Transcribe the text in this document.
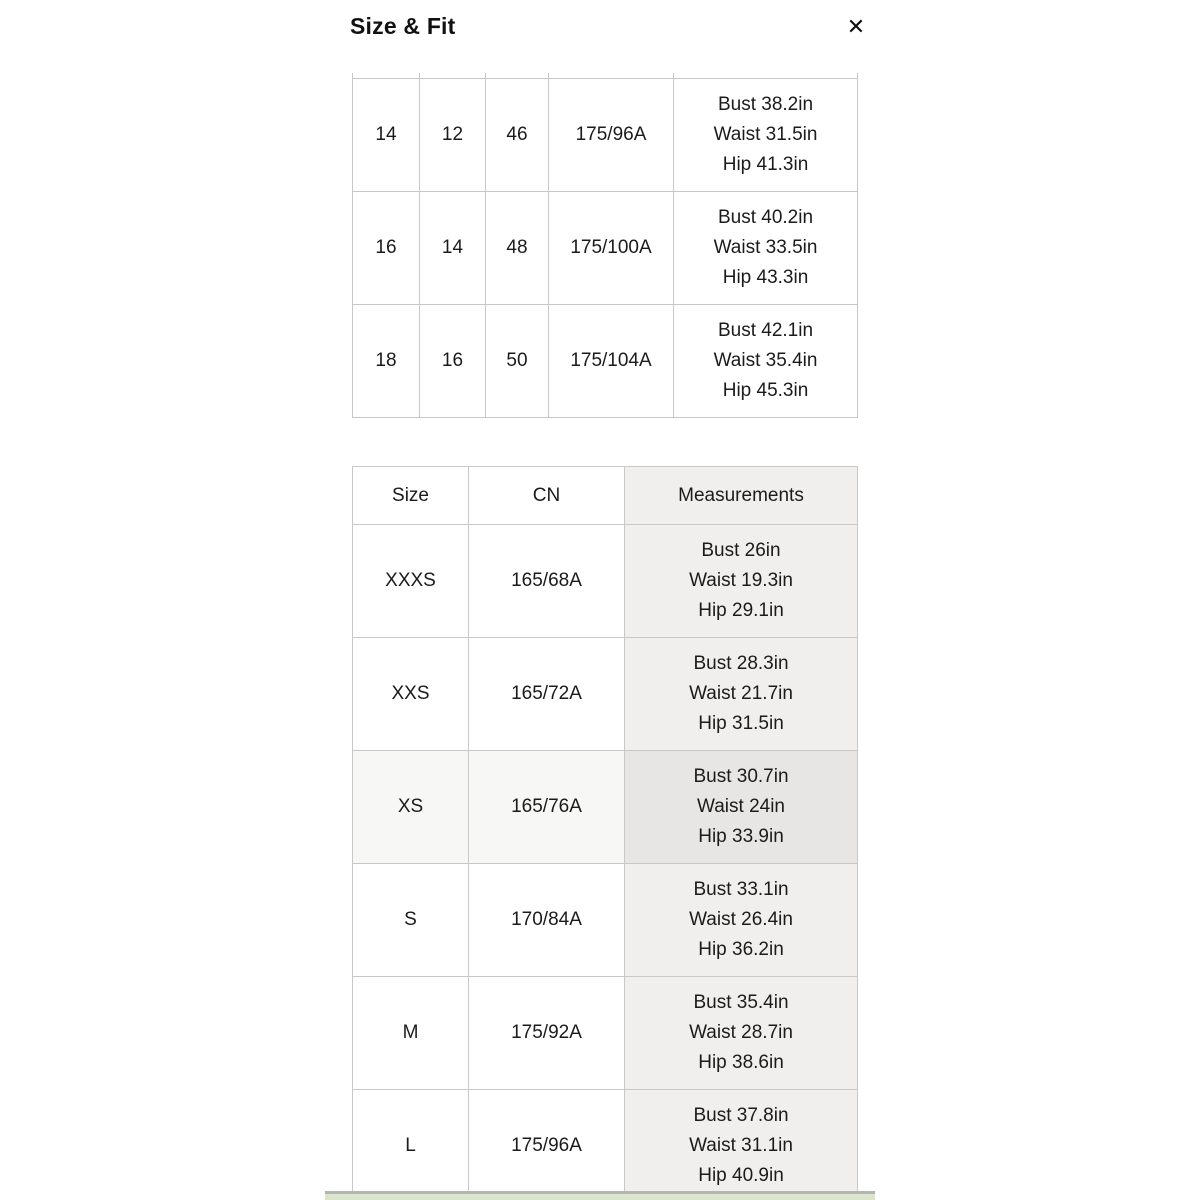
Size & Fit	✕

14	12	46	175/96A	Bust 38.2in
Waist 31.5in
Hip 41.3in

16	14	48	175/100A	Bust 40.2in
Waist 33.5in
Hip 43.3in

18	16	50	175/104A	Bust 42.1in
Waist 35.4in
Hip 45.3in
Size	CN	Measurements
XXXS	165/68A	Bust 26in
Waist 19.3in
Hip 29.1in

XXS	165/72A	Bust 28.3in
Waist 21.7in
Hip 31.5in

XS	165/76A	Bust 30.7in
Waist 24in
Hip 33.9in

S	170/84A	Bust 33.1in
Waist 26.4in
Hip 36.2in

M	175/92A	Bust 35.4in
Waist 28.7in
Hip 38.6in

L	175/96A	Bust 37.8in
Waist 31.1in
Hip 40.9in
